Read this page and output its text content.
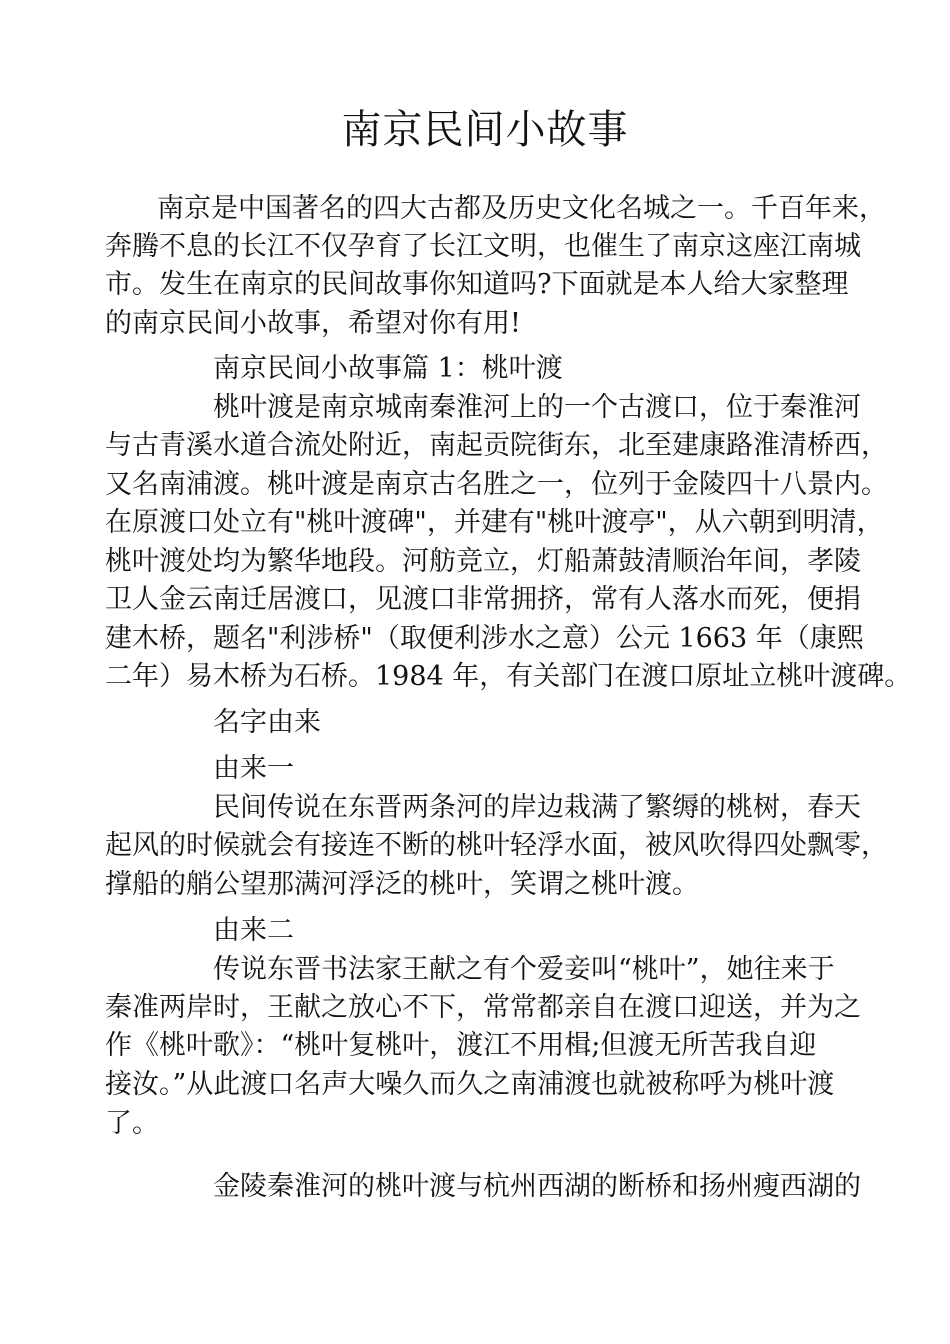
南京民间小故事

南京是中国著名的四大古都及历史文化名城之一。千百年来，

奔腾不息的长江不仅孕育了长江文明，也催生了南京这座江南城

市。发生在南京的民间故事你知道吗?下面就是本人给大家整理

的南京民间小故事，希望对你有用!

南京民间小故事篇 1：桃叶渡

桃叶渡是南京城南秦淮河上的一个古渡口，位于秦淮河

与古青溪水道合流处附近，南起贡院街东，北至建康路淮清桥西，

又名南浦渡。桃叶渡是南京古名胜之一，位列于金陵四十八景内。

在原渡口处立有"桃叶渡碑"，并建有"桃叶渡亭"，从六朝到明清，

桃叶渡处均为繁华地段。河舫竞立，灯船萧鼓清顺治年间，孝陵

卫人金云南迁居渡口，见渡口非常拥挤，常有人落水而死，便捐

建木桥，题名"利涉桥"（取便利涉水之意）公元 1663 年（康熙

二年）易木桥为石桥。1984 年，有关部门在渡口原址立桃叶渡碑。

名字由来

由来一

民间传说在东晋两条河的岸边栽满了繁缛的桃树，春天

起风的时候就会有接连不断的桃叶轻浮水面，被风吹得四处飘零，

撑船的艄公望那满河浮泛的桃叶，笑谓之桃叶渡。

由来二

传说东晋书法家王献之有个爱妾叫“桃叶”，她往来于

秦准两岸时，王献之放心不下，常常都亲自在渡口迎送，并为之

作《桃叶歌》：“桃叶复桃叶，渡江不用楫;但渡无所苦我自迎

接汝。”从此渡口名声大噪久而久之南浦渡也就被称呼为桃叶渡

了。

金陵秦淮河的桃叶渡与杭州西湖的断桥和扬州瘦西湖的
